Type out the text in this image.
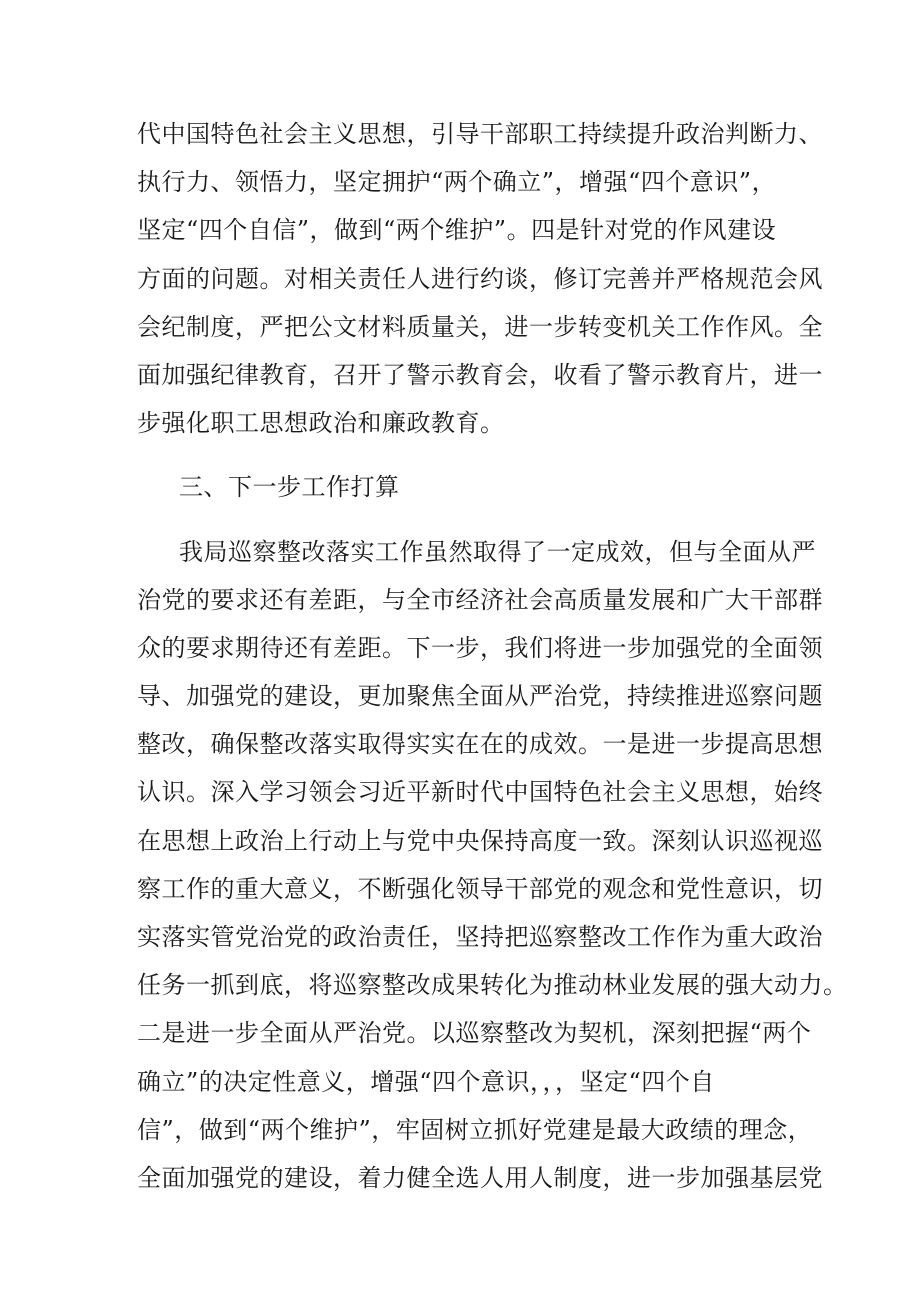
代中国特色社会主义思想，引导干部职工持续提升政治判断力、
执行力、领悟力，坚定拥护“两个确立”，增强“四个意识”，
坚定“四个自信”，做到“两个维护”。四是针对党的作风建设
方面的问题。对相关责任人进行约谈，修订完善并严格规范会风
会纪制度，严把公文材料质量关，进一步转变机关工作作风。全
面加强纪律教育，召开了警示教育会，收看了警示教育片，进一
步强化职工思想政治和廉政教育。
三、下一步工作打算
我局巡察整改落实工作虽然取得了一定成效，但与全面从严
治党的要求还有差距，与全市经济社会高质量发展和广大干部群
众的要求期待还有差距。下一步，我们将进一步加强党的全面领
导、加强党的建设，更加聚焦全面从严治党，持续推进巡察问题
整改，确保整改落实取得实实在在的成效。一是进一步提高思想
认识。深入学习领会习近平新时代中国特色社会主义思想，始终
在思想上政治上行动上与党中央保持高度一致。深刻认识巡视巡
察工作的重大意义，不断强化领导干部党的观念和党性意识，切
实落实管党治党的政治责任，坚持把巡察整改工作作为重大政治
任务一抓到底，将巡察整改成果转化为推动林业发展的强大动力。
二是进一步全面从严治党。以巡察整改为契机，深刻把握“两个
确立”的决定性意义，增强“四个意识，，，坚定“四个自
信”，做到“两个维护”，牢固树立抓好党建是最大政绩的理念，
全面加强党的建设，着力健全选人用人制度，进一步加强基层党
